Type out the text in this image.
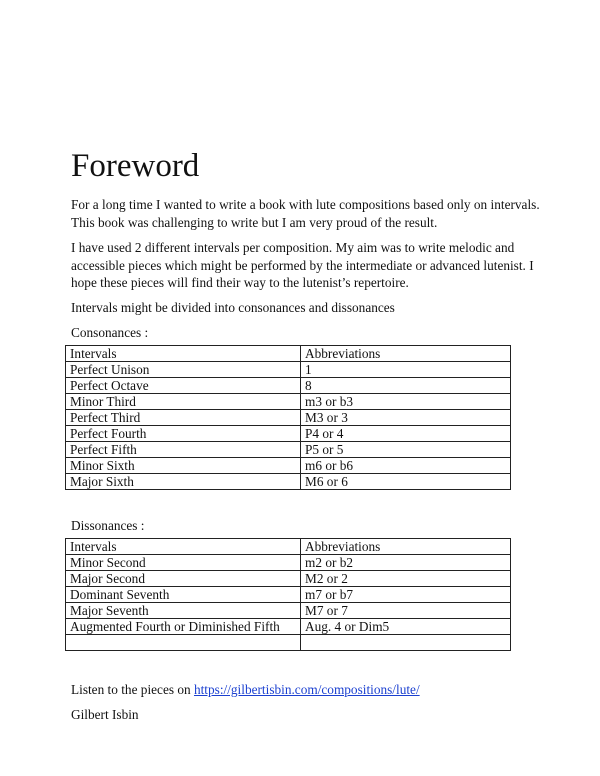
Foreword

For a long time I wanted to write a book with lute compositions based only on intervals. This book was challenging to write but I am very proud of the result.

I have used 2 different intervals per composition. My aim was to write melodic and accessible pieces which might be performed by the intermediate or advanced lutenist. I hope these pieces will find their way to the lutenist’s repertoire.

Intervals might be divided into consonances and dissonances

Consonances :

Intervals	Abbreviations
Perfect Unison	1
Perfect Octave	8
Minor Third	m3 or b3
Perfect Third	M3 or 3
Perfect Fourth	P4 or 4
Perfect Fifth	P5 or 5
Minor Sixth	m6 or b6
Major Sixth	M6 or 6

Dissonances :

Intervals	Abbreviations
Minor Second	m2 or b2
Major Second	M2 or 2
Dominant Seventh	m7 or b7
Major Seventh	M7 or 7
Augmented Fourth or Diminished Fifth	Aug. 4 or Dim5

Listen to the pieces on https://gilbertisbin.com/compositions/lute/

Gilbert Isbin
